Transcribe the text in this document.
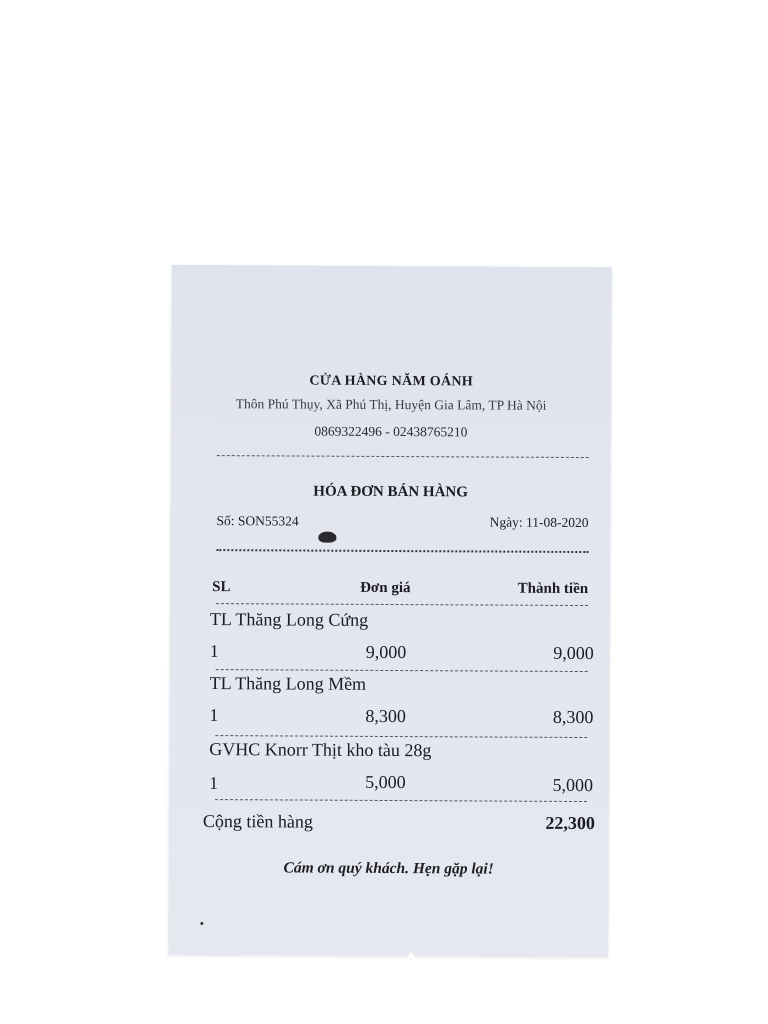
CỬA HÀNG NĂM OÁNH
Thôn Phú Thụy, Xã Phú Thị, Huyện Gia Lâm, TP Hà Nội
0869322496 - 02438765210
HÓA ĐƠN BÁN HÀNG
Số: SON55324	Ngày: 11-08-2020
SL	Đơn giá	Thành tiền
TL Thăng Long Cứng
1	9,000	9,000
TL Thăng Long Mềm
1	8,300	8,300
GVHC Knorr Thịt kho tàu 28g
1	5,000	5,000
Cộng tiền hàng	22,300
Cám ơn quý khách. Hẹn gặp lại!
